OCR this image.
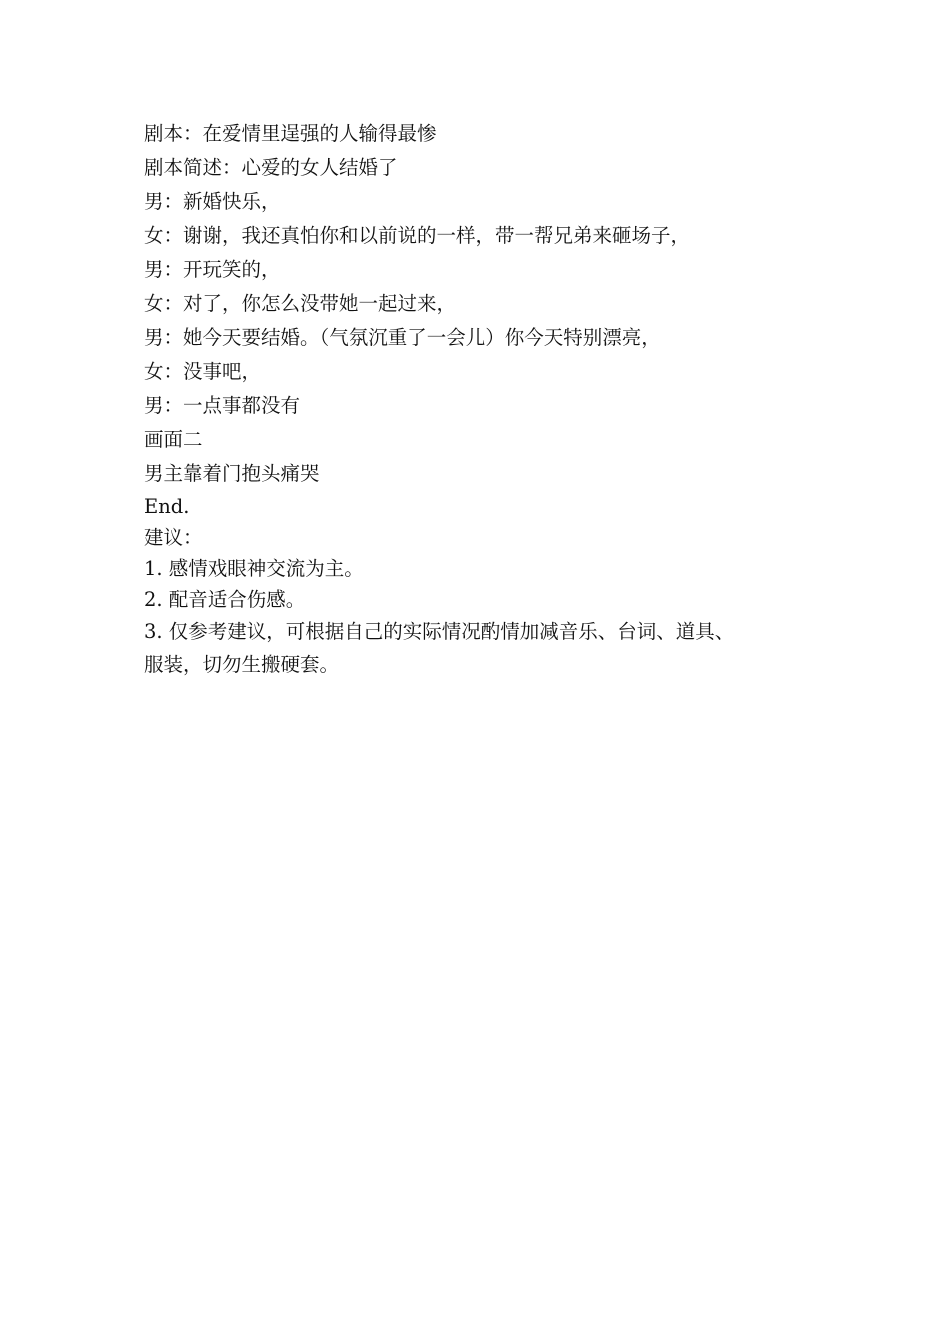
剧本：在爱情里逞强的人输得最惨
剧本简述：心爱的女人结婚了
男：新婚快乐，
女：谢谢，我还真怕你和以前说的一样，带一帮兄弟来砸场子，
男：开玩笑的，
女：对了，你怎么没带她一起过来，
男：她今天要结婚。（气氛沉重了一会儿）你今天特别漂亮，
女：没事吧，
男：一点事都没有
画面二
男主靠着门抱头痛哭
End.
建议：
1. 感情戏眼神交流为主。
2. 配音适合伤感。
3. 仅参考建议，可根据自己的实际情况酌情加减音乐、台词、道具、服装，切勿生搬硬套。
